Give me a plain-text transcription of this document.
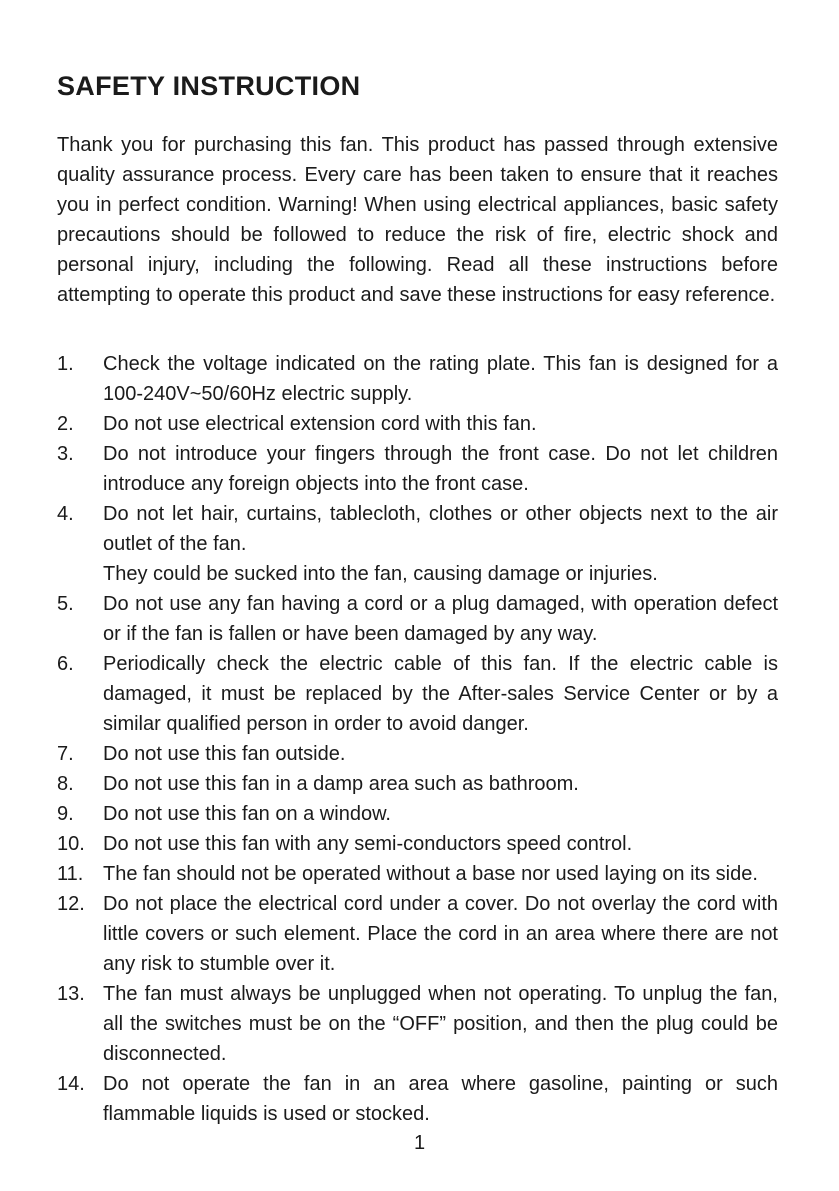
SAFETY INSTRUCTION

Thank you for purchasing this fan. This product has passed through extensive quality assurance process. Every care has been taken to ensure that it reaches you in perfect condition. Warning! When using electrical appliances, basic safety precautions should be followed to reduce the risk of fire, electric shock and personal injury, including the following. Read all these instructions before attempting to operate this product and save these instructions for easy reference.

1.	Check the voltage indicated on the rating plate. This fan is designed for a 100-240V~50/60Hz electric supply.
2.	Do not use electrical extension cord with this fan.
3.	Do not introduce your fingers through the front case. Do not let children introduce any foreign objects into the front case.
4.	Do not let hair, curtains, tablecloth, clothes or other objects next to the air outlet of the fan.
They could be sucked into the fan, causing damage or injuries.
5.	Do not use any fan having a cord or a plug damaged, with operation defect or if the fan is fallen or have been damaged by any way.
6.	Periodically check the electric cable of this fan. If the electric cable is damaged, it must be replaced by the After-sales Service Center or by a similar qualified person in order to avoid danger.
7.	Do not use this fan outside.
8.	Do not use this fan in a damp area such as bathroom.
9.	Do not use this fan on a window.
10. Do not use this fan with any semi-conductors speed control.
11. The fan should not be operated without a base nor used laying on its side.
12. Do not place the electrical cord under a cover. Do not overlay the cord with little covers or such element. Place the cord in an area where there are not any risk to stumble over it.
13. The fan must always be unplugged when not operating. To unplug the fan, all the switches must be on the “OFF” position, and then the plug could be disconnected.
14. Do not operate the fan in an area where gasoline, painting or such flammable liquids is used or stocked.
1
